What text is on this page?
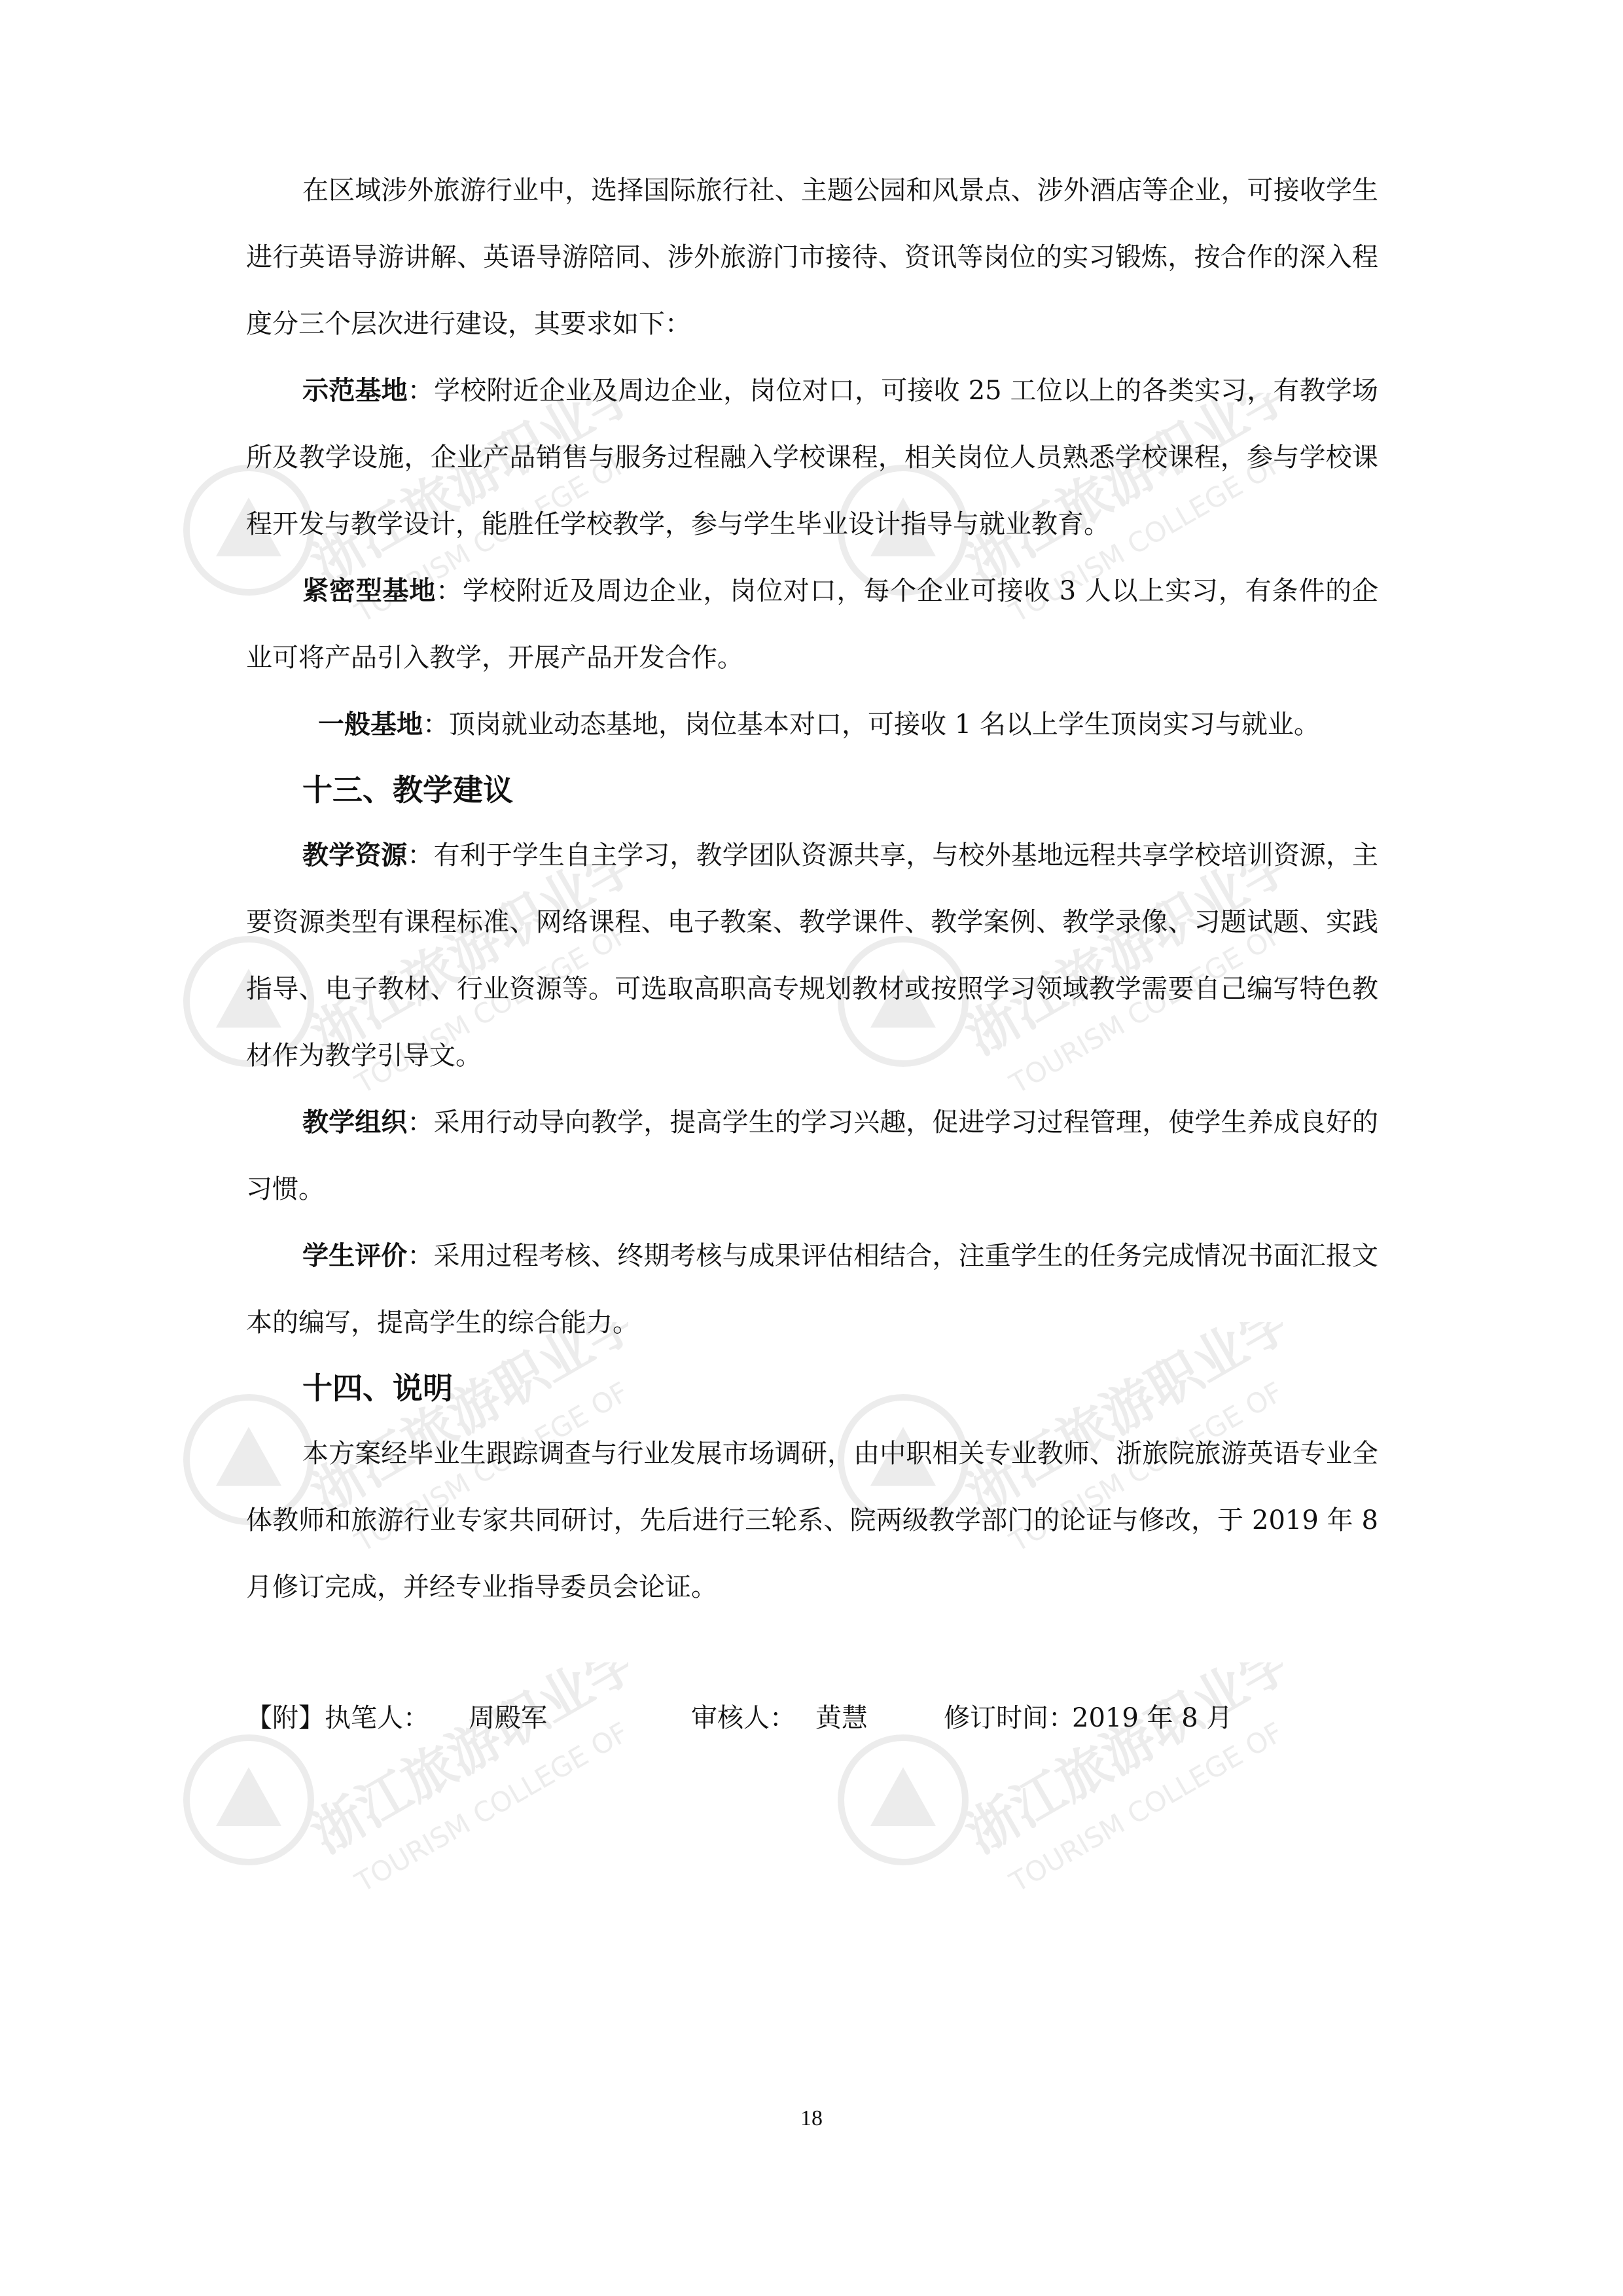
浙江旅游职业学院
TOURISM COLLEGE OF ZHEJIANG	浙江旅游职业学院
TOURISM COLLEGE OF ZHEJIANG
浙江旅游职业学院
TOURISM COLLEGE OF ZHEJIANG	浙江旅游职业学院
TOURISM COLLEGE OF ZHEJIANG
浙江旅游职业学院
TOURISM COLLEGE OF ZHEJIANG	浙江旅游职业学院
TOURISM COLLEGE OF ZHEJIANG
浙江旅游职业学院
TOURISM COLLEGE OF ZHEJIANG	浙江旅游职业学院
TOURISM COLLEGE OF ZHEJIANG

在区域涉外旅游行业中，选择国际旅行社、主题公园和风景点、涉外酒店等企业，可接收学生进行英语导游讲解、英语导游陪同、涉外旅游门市接待、资讯等岗位的实习锻炼，按合作的深入程度分三个层次进行建设，其要求如下：

示范基地：学校附近企业及周边企业，岗位对口，可接收 25 工位以上的各类实习，有教学场所及教学设施，企业产品销售与服务过程融入学校课程，相关岗位人员熟悉学校课程，参与学校课程开发与教学设计，能胜任学校教学，参与学生毕业设计指导与就业教育。

紧密型基地：学校附近及周边企业，岗位对口，每个企业可接收 3 人以上实习，有条件的企业可将产品引入教学，开展产品开发合作。

一般基地：顶岗就业动态基地，岗位基本对口，可接收 1 名以上学生顶岗实习与就业。

十三、教学建议

教学资源：有利于学生自主学习，教学团队资源共享，与校外基地远程共享学校培训资源，主要资源类型有课程标准、网络课程、电子教案、教学课件、教学案例、教学录像、习题试题、实践指导、电子教材、行业资源等。可选取高职高专规划教材或按照学习领域教学需要自己编写特色教材作为教学引导文。

教学组织：采用行动导向教学，提高学生的学习兴趣，促进学习过程管理，使学生养成良好的习惯。

学生评价：采用过程考核、终期考核与成果评估相结合，注重学生的任务完成情况书面汇报文本的编写，提高学生的综合能力。

十四、说明

本方案经毕业生跟踪调查与行业发展市场调研，由中职相关专业教师、浙旅院旅游英语专业全体教师和旅游行业专家共同研讨，先后进行三轮系、院两级教学部门的论证与修改，于 2019 年 8 月修订完成，并经专业指导委员会论证。

【附】执笔人： 周殿军	审核人： 黄慧	修订时间：2019 年 8 月

18
